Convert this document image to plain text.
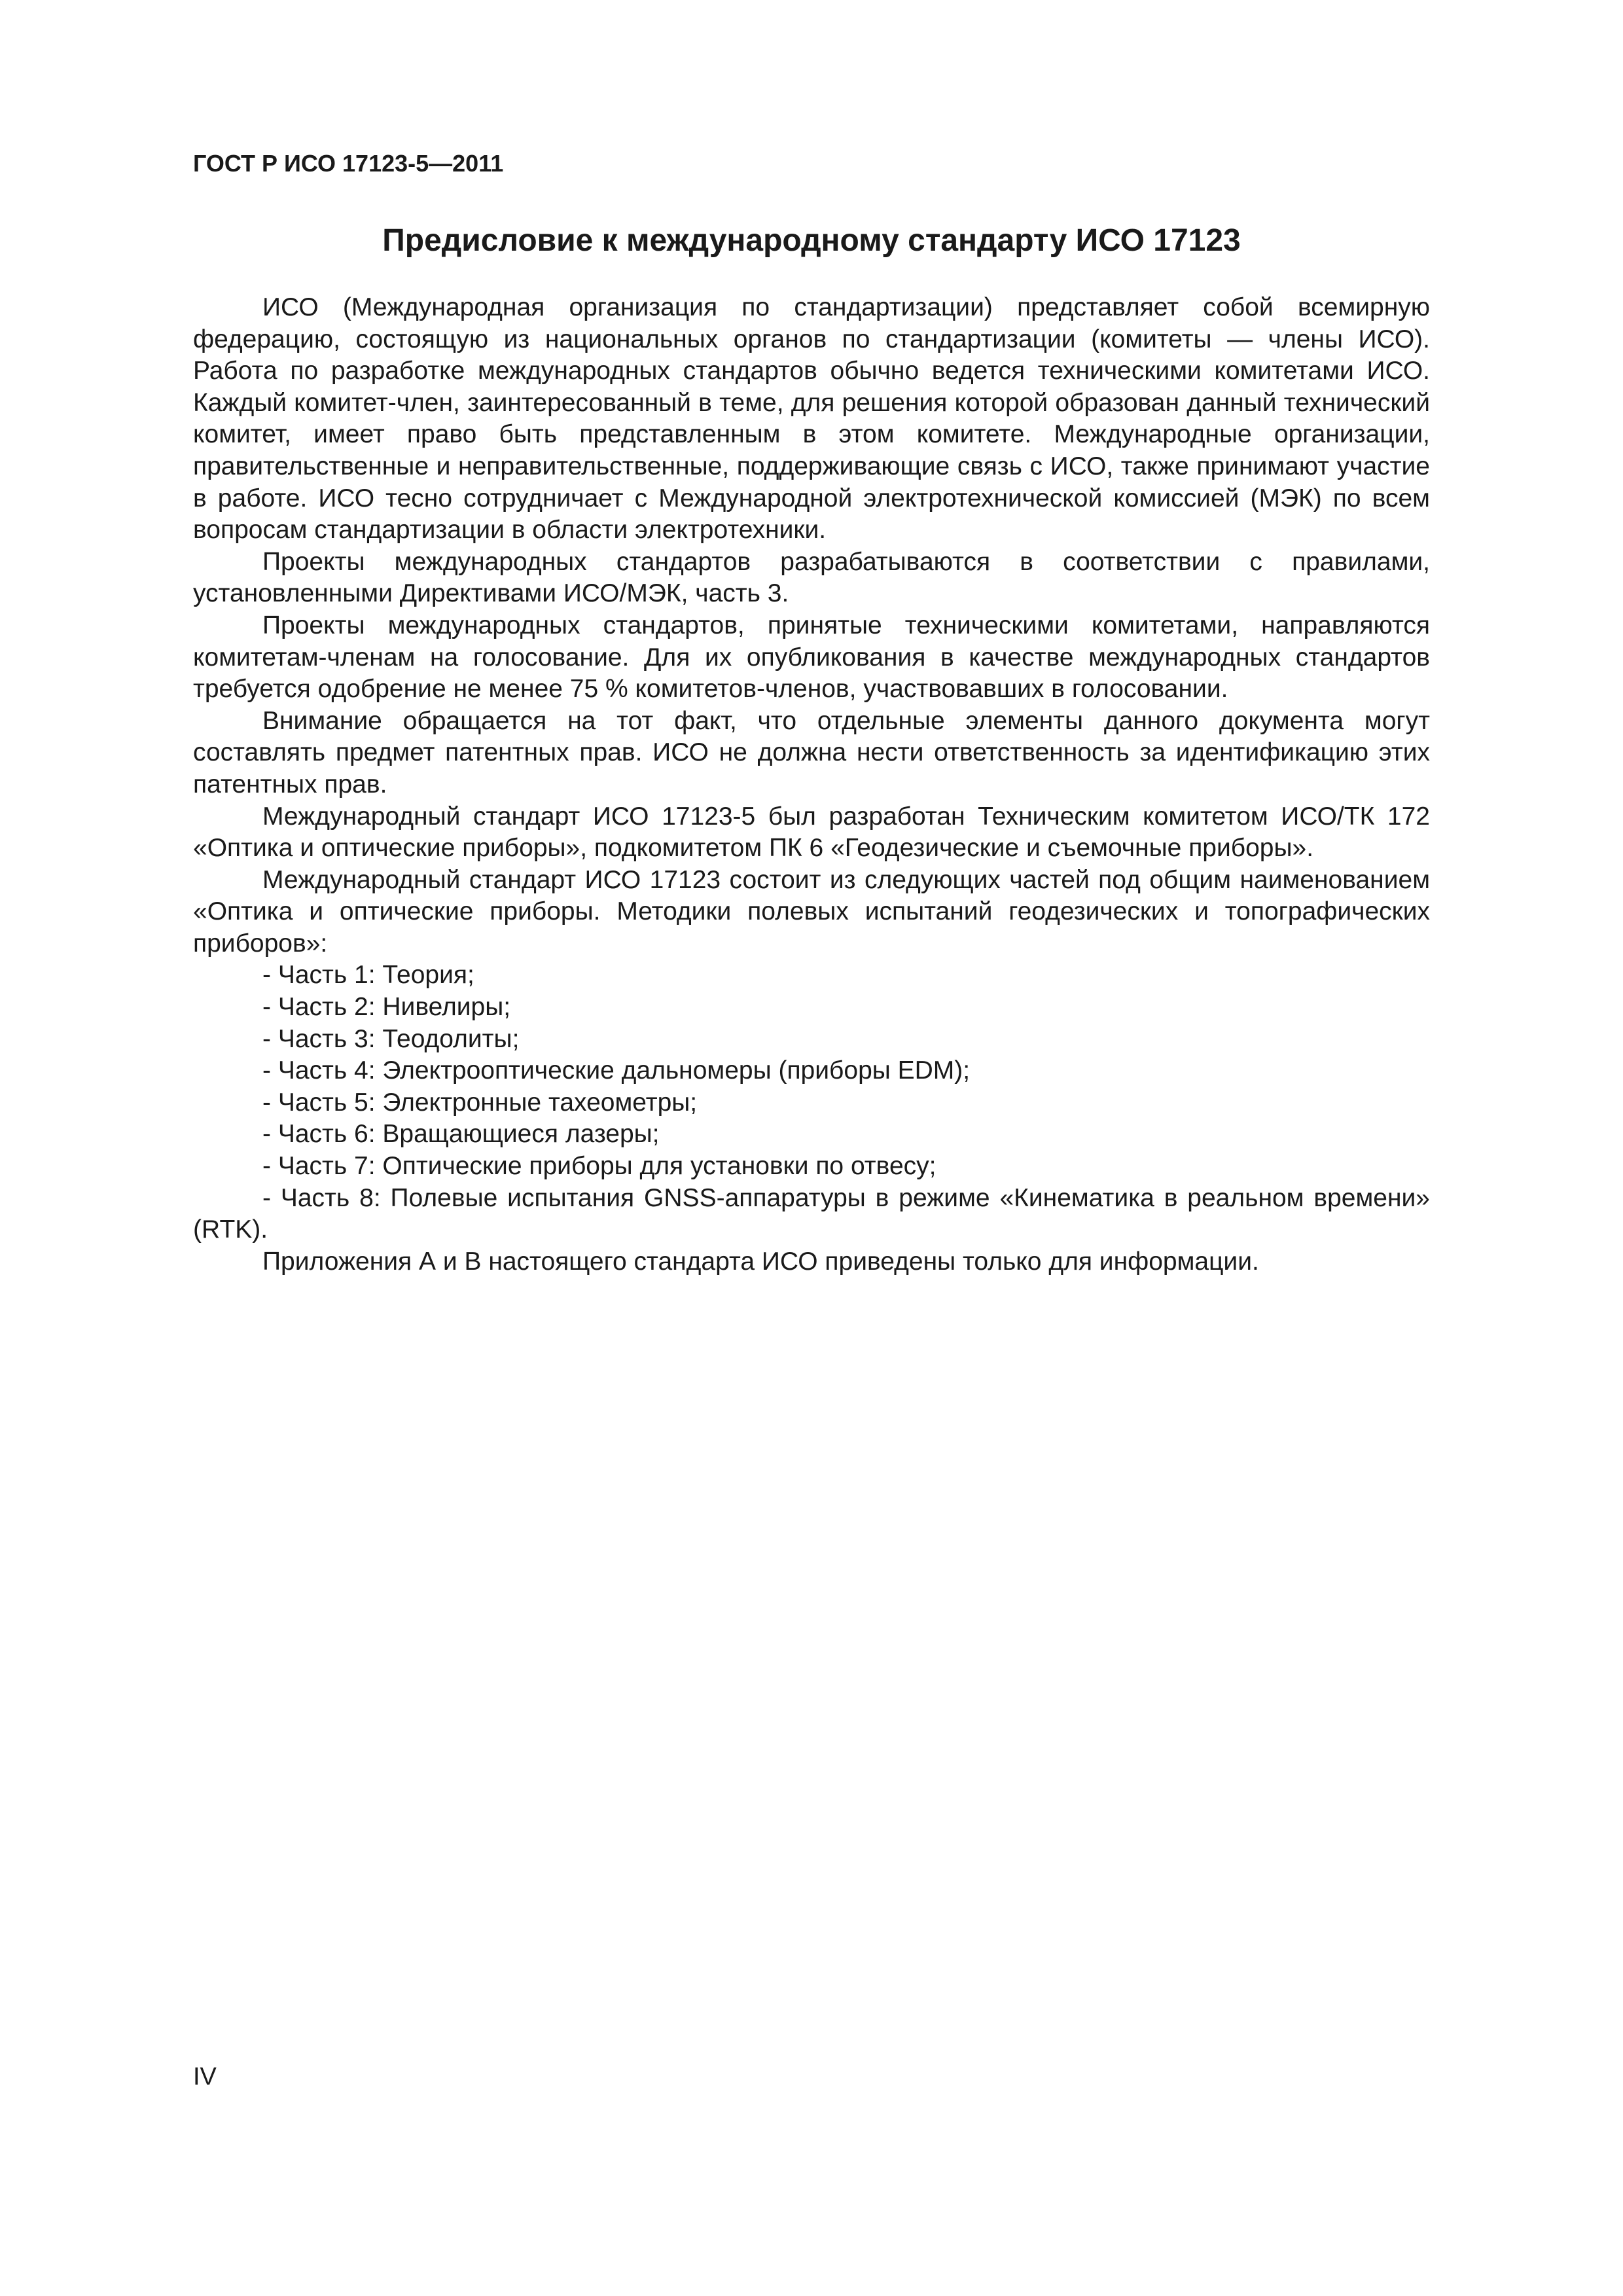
ГОСТ Р ИСО 17123-5—2011
Предисловие к международному стандарту ИСО 17123

ИСО (Международная организация по стандартизации) представляет собой всемирную федерацию, состоящую из национальных органов по стандартизации (комитеты — члены ИСО). Работа по разработке международных стандартов обычно ведется техническими комитетами ИСО. Каждый комитет-член, заинтересованный в теме, для решения которой образован данный технический комитет, имеет право быть представленным в этом комитете. Международные организации, правительственные и неправительственные, поддерживающие связь с ИСО, также принимают участие в работе. ИСО тесно сотрудничает с Международной электротехнической комиссией (МЭК) по всем вопросам стандартизации в области электротехники.

Проекты международных стандартов разрабатываются в соответствии с правилами, установленными Директивами ИСО/МЭК, часть 3.

Проекты международных стандартов, принятые техническими комитетами, направляются комитетам-членам на голосование. Для их опубликования в качестве международных стандартов требуется одобрение не менее 75 % комитетов-членов, участвовавших в голосовании.

Внимание обращается на тот факт, что отдельные элементы данного документа могут составлять предмет патентных прав. ИСО не должна нести ответственность за идентификацию этих патентных прав.

Международный стандарт ИСО 17123-5 был разработан Техническим комитетом ИСО/ТК 172 «Оптика и оптические приборы», подкомитетом ПК 6 «Геодезические и съемочные приборы».

Международный стандарт ИСО 17123 состоит из следующих частей под общим наименованием «Оптика и оптические приборы. Методики полевых испытаний геодезических и топографических приборов»:

- Часть 1: Теория;
- Часть 2: Нивелиры;
- Часть 3: Теодолиты;
- Часть 4: Электрооптические дальномеры (приборы EDM);
- Часть 5: Электронные тахеометры;
- Часть 6: Вращающиеся лазеры;
- Часть 7: Оптические приборы для установки по отвесу;
- Часть 8: Полевые испытания GNSS-аппаратуры в режиме «Кинематика в реальном времени» (RTK).

Приложения А и В настоящего стандарта ИСО приведены только для информации.

IV
